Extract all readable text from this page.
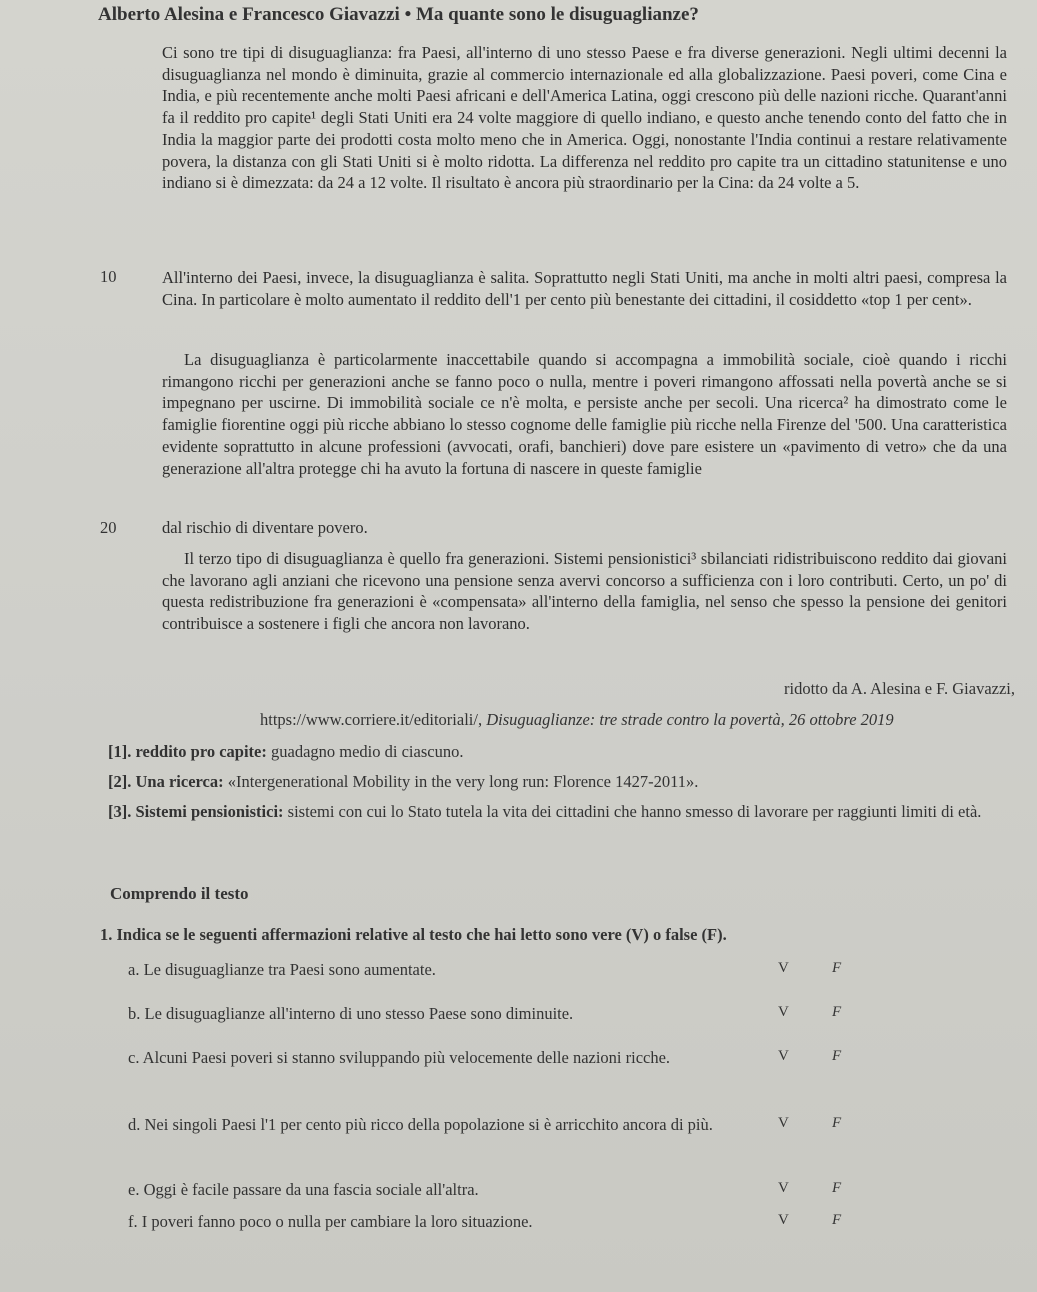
Alberto Alesina e Francesco Giavazzi • Ma quante sono le disuguaglianze?
Ci sono tre tipi di disuguaglianza: fra Paesi, all'interno di uno stesso Paese e fra diverse generazioni. Negli ultimi decenni la disuguaglianza nel mondo è diminuita, grazie al commercio internazionale ed alla globalizzazione. Paesi poveri, come Cina e India, e più recentemente anche molti Paesi africani e dell'America Latina, oggi crescono più delle nazioni ricche. Quarant'anni fa il reddito pro capite¹ degli Stati Uniti era 24 volte maggiore di quello indiano, e questo anche tenendo conto del fatto che in India la maggior parte dei prodotti costa molto meno che in America. Oggi, nonostante l'India continui a restare relativamente povera, la distanza con gli Stati Uniti si è molto ridotta. La differenza nel reddito pro capite tra un cittadino statunitense e uno indiano si è dimezzata: da 24 a 12 volte. Il risultato è ancora più straordinario per la Cina: da 24 volte a 5.
10	All'interno dei Paesi, invece, la disuguaglianza è salita. Soprattutto negli Stati Uniti, ma anche in molti altri paesi, compresa la Cina. In particolare è molto aumentato il reddito dell'1 per cento più benestante dei cittadini, il cosiddetto «top 1 per cent».
La disuguaglianza è particolarmente inaccettabile quando si accompagna a immobilità sociale, cioè quando i ricchi rimangono ricchi per generazioni anche se fanno poco o nulla, mentre i poveri rimangono affossati nella povertà anche se si impegnano per uscirne. Di immobilità sociale ce n'è molta, e persiste anche per secoli. Una ricerca² ha dimostrato come le famiglie fiorentine oggi più ricche abbiano lo stesso cognome delle famiglie più ricche nella Firenze del '500. Una caratteristica evidente soprattutto in alcune professioni (avvocati, orafi, banchieri) dove pare esistere un «pavimento di vetro» che da una generazione all'altra protegge chi ha avuto la fortuna di nascere in queste famiglie
20	dal rischio di diventare povero.
Il terzo tipo di disuguaglianza è quello fra generazioni. Sistemi pensionistici³ sbilanciati ridistribuiscono reddito dai giovani che lavorano agli anziani che ricevono una pensione senza avervi concorso a sufficienza con i loro contributi. Certo, un po' di questa redistribuzione fra generazioni è «compensata» all'interno della famiglia, nel senso che spesso la pensione dei genitori contribuisce a sostenere i figli che ancora non lavorano.
ridotto da A. Alesina e F. Giavazzi,
https://www.corriere.it/editoriali/, Disuguaglianze: tre strade contro la povertà, 26 ottobre 2019
[1]. reddito pro capite: guadagno medio di ciascuno.
[2]. Una ricerca: «Intergenerational Mobility in the very long run: Florence 1427-2011».
[3]. Sistemi pensionistici: sistemi con cui lo Stato tutela la vita dei cittadini che hanno smesso di lavorare per raggiunti limiti di età.
Comprendo il testo
1. Indica se le seguenti affermazioni relative al testo che hai letto sono vere (V) o false (F).
a. Le disuguaglianze tra Paesi sono aumentate.	V	F
b. Le disuguaglianze all'interno di uno stesso Paese sono diminuite.	V	F
c. Alcuni Paesi poveri si stanno sviluppando più velocemente delle nazioni ricche.	V	F
d. Nei singoli Paesi l'1 per cento più ricco della popolazione si è arricchito ancora di più.	V	F
e. Oggi è facile passare da una fascia sociale all'altra.	V	F
f. I poveri fanno poco o nulla per cambiare la loro situazione.	V	F
